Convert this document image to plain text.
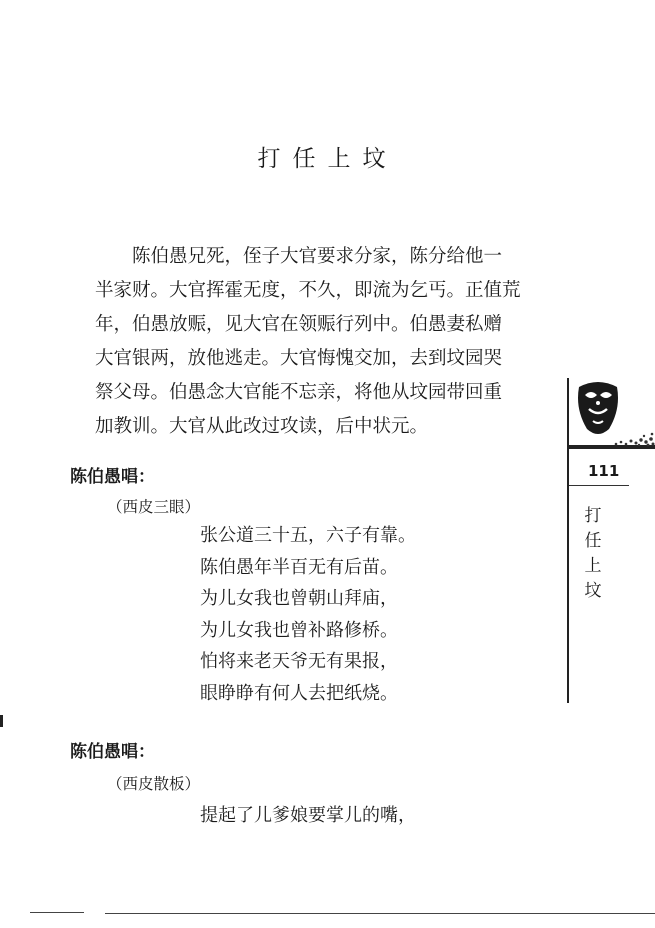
打任上坟
陈伯愚兄死，侄子大官要求分家，陈分给他一
半家财。大官挥霍无度，不久，即流为乞丐。正值荒
年，伯愚放赈，见大官在领赈行列中。伯愚妻私赠
大官银两，放他逃走。大官悔愧交加，去到坟园哭
祭父母。伯愚念大官能不忘亲，将他从坟园带回重
加教训。大官从此改过攻读，后中状元。
陈伯愚唱：
（西皮三眼）
张公道三十五，六子有靠。
陈伯愚年半百无有后苗。
为儿女我也曾朝山拜庙，
为儿女我也曾补路修桥。
怕将来老天爷无有果报，
眼睁睁有何人去把纸烧。
陈伯愚唱：
（西皮散板）
提起了儿爹娘要掌儿的嘴，
111
打任上坟
